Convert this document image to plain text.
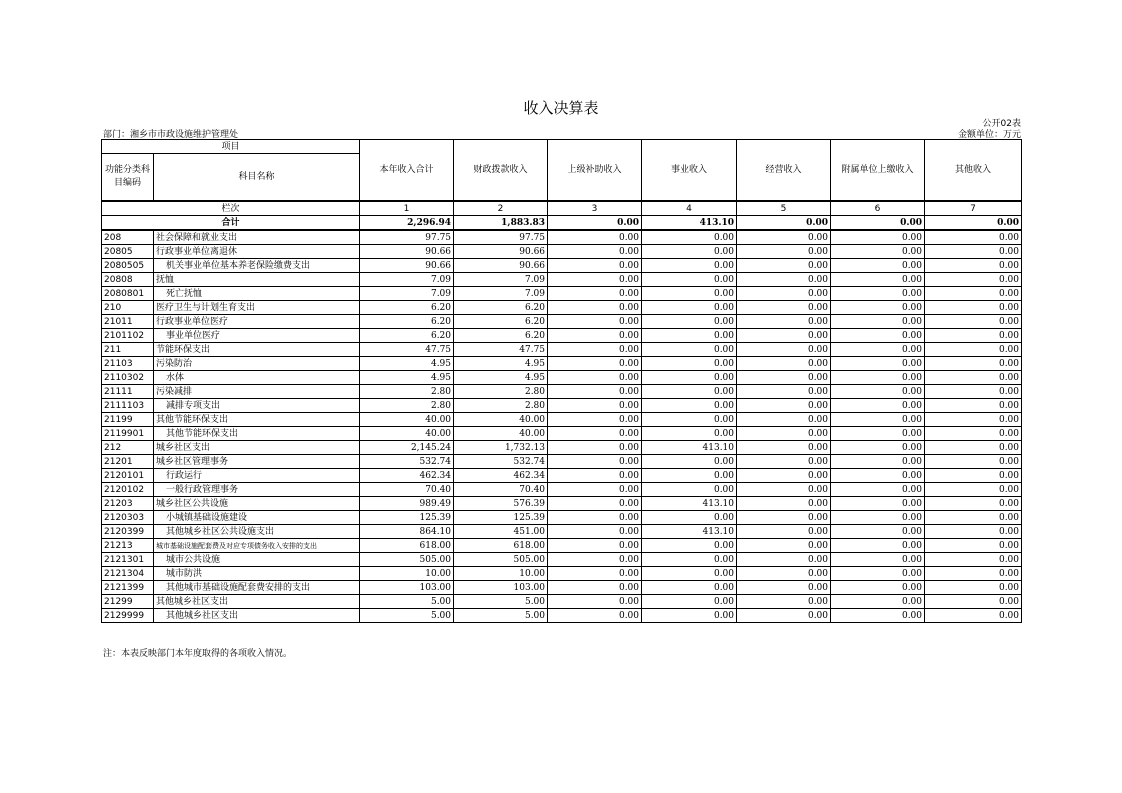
收入决算表
公开02表
部门：湘乡市市政设施维护管理处	金额单位：万元
项目		本年收入合计	财政拨款收入	上级补助收入	事业收入	经营收入	附属单位上缴收入	其他收入
功能分类科目编码	科目名称							
栏次		1	2	3	4	5	6	7
合计		2,296.94	1,883.83	0.00	413.10	0.00	0.00	0.00
208	社会保障和就业支出	97.75	97.75	0.00	0.00	0.00	0.00	0.00
20805	行政事业单位离退休	90.66	90.66	0.00	0.00	0.00	0.00	0.00
2080505	机关事业单位基本养老保险缴费支出	90.66	90.66	0.00	0.00	0.00	0.00	0.00
20808	抚恤	7.09	7.09	0.00	0.00	0.00	0.00	0.00
2080801	死亡抚恤	7.09	7.09	0.00	0.00	0.00	0.00	0.00
210	医疗卫生与计划生育支出	6.20	6.20	0.00	0.00	0.00	0.00	0.00
21011	行政事业单位医疗	6.20	6.20	0.00	0.00	0.00	0.00	0.00
2101102	事业单位医疗	6.20	6.20	0.00	0.00	0.00	0.00	0.00
211	节能环保支出	47.75	47.75	0.00	0.00	0.00	0.00	0.00
21103	污染防治	4.95	4.95	0.00	0.00	0.00	0.00	0.00
2110302	水体	4.95	4.95	0.00	0.00	0.00	0.00	0.00
21111	污染减排	2.80	2.80	0.00	0.00	0.00	0.00	0.00
2111103	减排专项支出	2.80	2.80	0.00	0.00	0.00	0.00	0.00
21199	其他节能环保支出	40.00	40.00	0.00	0.00	0.00	0.00	0.00
2119901	其他节能环保支出	40.00	40.00	0.00	0.00	0.00	0.00	0.00
212	城乡社区支出	2,145.24	1,732.13	0.00	413.10	0.00	0.00	0.00
21201	城乡社区管理事务	532.74	532.74	0.00	0.00	0.00	0.00	0.00
2120101	行政运行	462.34	462.34	0.00	0.00	0.00	0.00	0.00
2120102	一般行政管理事务	70.40	70.40	0.00	0.00	0.00	0.00	0.00
21203	城乡社区公共设施	989.49	576.39	0.00	413.10	0.00	0.00	0.00
2120303	小城镇基础设施建设	125.39	125.39	0.00	0.00	0.00	0.00	0.00
2120399	其他城乡社区公共设施支出	864.10	451.00	0.00	413.10	0.00	0.00	0.00
21213	城市基础设施配套费及对应专项债务收入安排的支出	618.00	618.00	0.00	0.00	0.00	0.00	0.00
2121301	城市公共设施	505.00	505.00	0.00	0.00	0.00	0.00	0.00
2121304	城市防洪	10.00	10.00	0.00	0.00	0.00	0.00	0.00
2121399	其他城市基础设施配套费安排的支出	103.00	103.00	0.00	0.00	0.00	0.00	0.00
21299	其他城乡社区支出	5.00	5.00	0.00	0.00	0.00	0.00	0.00
2129999	其他城乡社区支出	5.00	5.00	0.00	0.00	0.00	0.00	0.00
注：本表反映部门本年度取得的各项收入情况。
